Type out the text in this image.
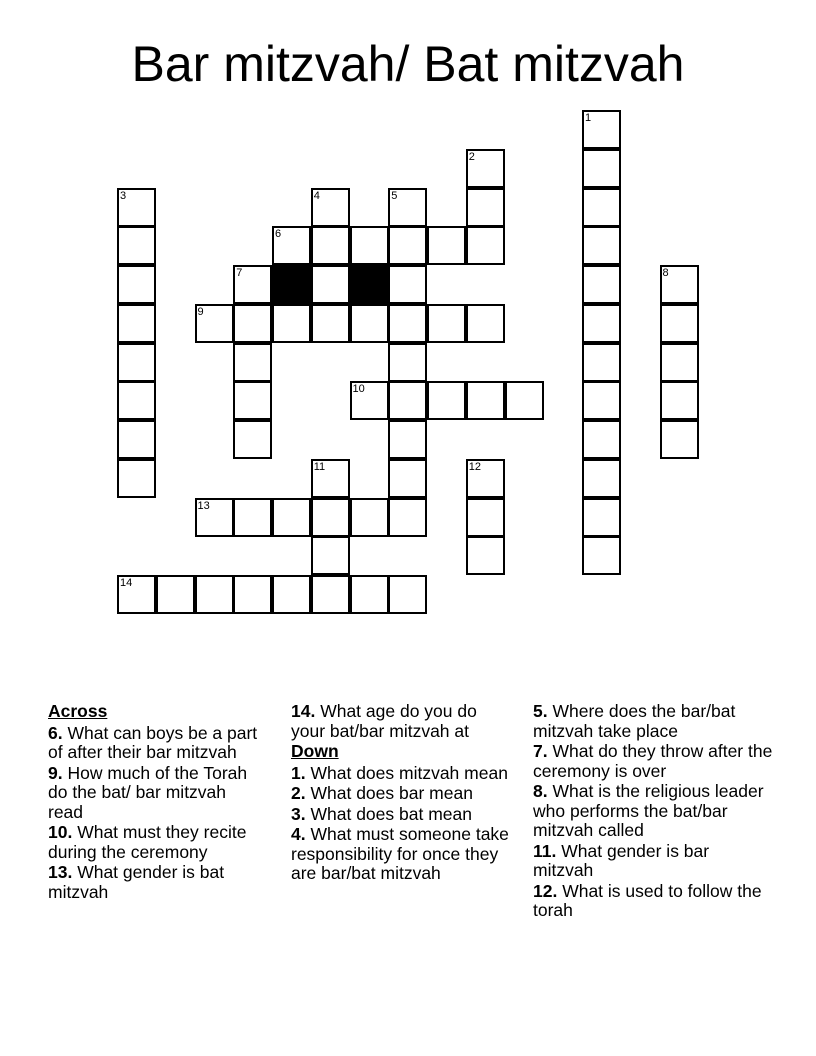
Bar mitzvah/ Bat mitzvah
1
2
3	4	5
6
7	8
9
10
11	12
13
14
Across
6. What can boys be a part of after their bar mitzvah
9. How much of the Torah do the bat/ bar mitzvah read
10. What must they recite during the ceremony
13. What gender is bat mitzvah
14. What age do you do your bat/bar mitzvah at
Down
1. What does mitzvah mean
2. What does bar mean
3. What does bat mean
4. What must someone take responsibility for once they are bar/bat mitzvah
5. Where does the bar/bat mitzvah take place
7. What do they throw after the ceremony is over
8. What is the religious leader who performs the bat/bar mitzvah called
11. What gender is bar mitzvah
12. What is used to follow the torah
